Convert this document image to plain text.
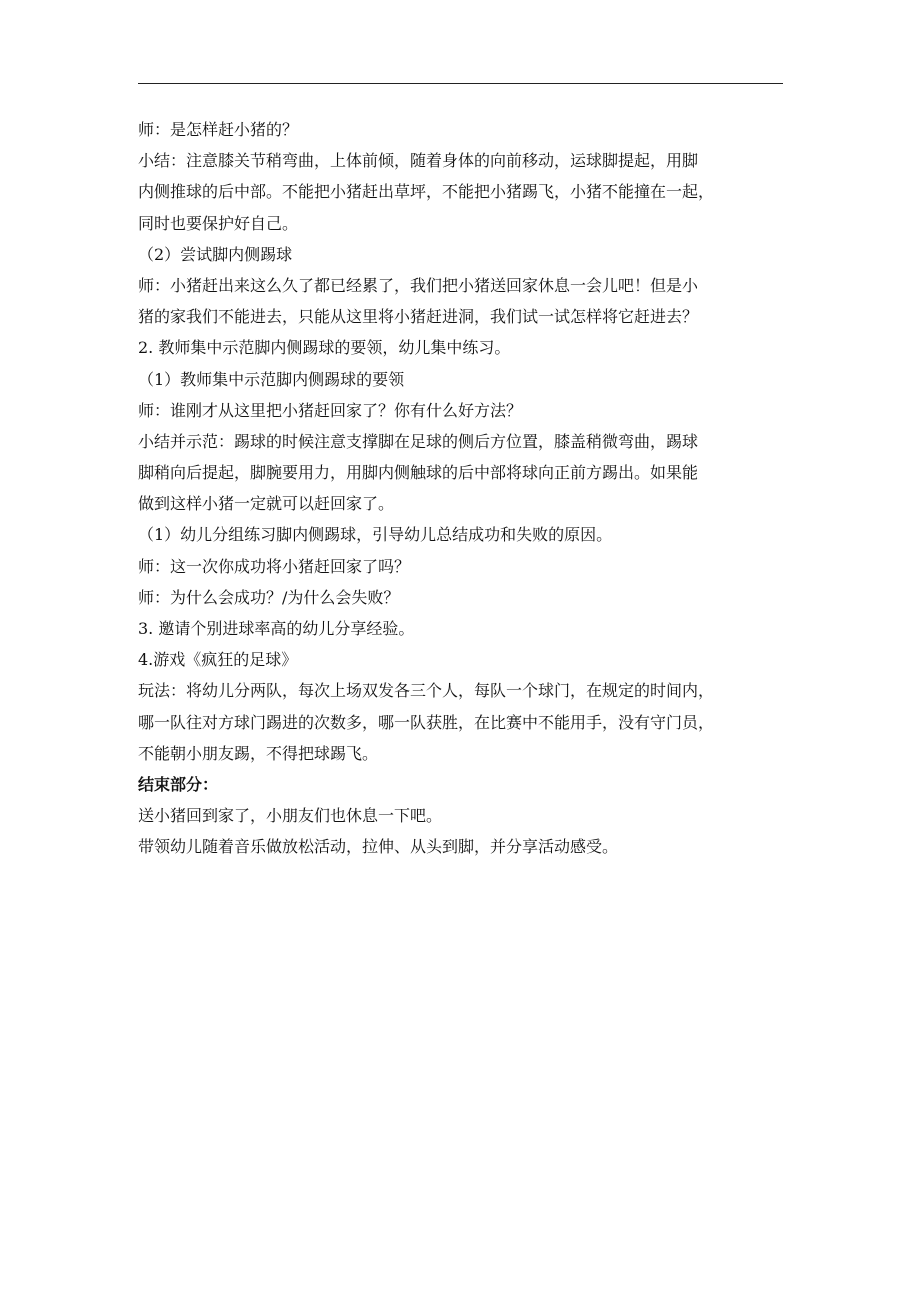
师：是怎样赶小猪的？
小结：注意膝关节稍弯曲，上体前倾，随着身体的向前移动，运球脚提起，用脚
内侧推球的后中部。不能把小猪赶出草坪，不能把小猪踢飞，小猪不能撞在一起，
同时也要保护好自己。
（2）尝试脚内侧踢球
师：小猪赶出来这么久了都已经累了，我们把小猪送回家休息一会儿吧！但是小
猪的家我们不能进去，只能从这里将小猪赶进洞，我们试一试怎样将它赶进去？
2. 教师集中示范脚内侧踢球的要领，幼儿集中练习。
（1）教师集中示范脚内侧踢球的要领
师：谁刚才从这里把小猪赶回家了？你有什么好方法？
小结并示范：踢球的时候注意支撑脚在足球的侧后方位置，膝盖稍微弯曲，踢球
脚稍向后提起，脚腕要用力，用脚内侧触球的后中部将球向正前方踢出。如果能
做到这样小猪一定就可以赶回家了。
（1）幼儿分组练习脚内侧踢球，引导幼儿总结成功和失败的原因。
师：这一次你成功将小猪赶回家了吗？
师：为什么会成功？/为什么会失败？
3. 邀请个别进球率高的幼儿分享经验。
4.游戏《疯狂的足球》
玩法：将幼儿分两队，每次上场双发各三个人，每队一个球门，在规定的时间内，
哪一队往对方球门踢进的次数多，哪一队获胜，在比赛中不能用手，没有守门员，
不能朝小朋友踢，不得把球踢飞。
结束部分：
送小猪回到家了，小朋友们也休息一下吧。
带领幼儿随着音乐做放松活动，拉伸、从头到脚，并分享活动感受。
